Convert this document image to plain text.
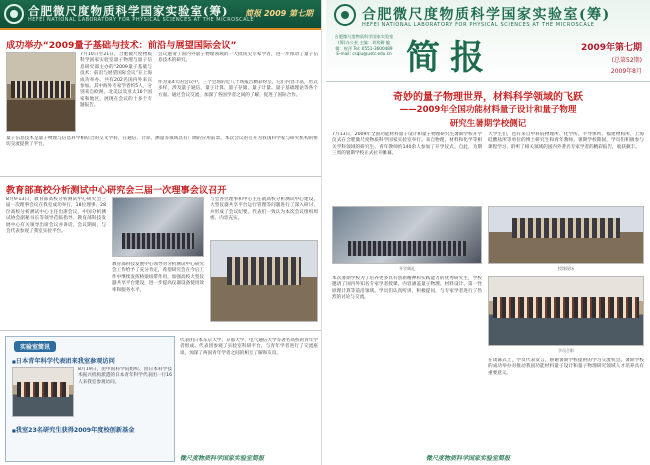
合肥微尺度物质科学国家实验室(筹)
HEFEI NATIONAL LABORATORY FOR PHYSICAL SCIENCES AT THE MICROSCALE
简报 2009 第七期
成功举办“2009量子基础与技术：前沿与展望国际会议”
7月10日至21日，合肥微尺度物质科学国家实验室量子物理与量子信息研究部主办的“2009量子基础与技术：前沿与展望国际会议”在上海成功举办。共有202名国内外来宾参加。其中海外专家学者约5人，分别来自欧洲、北美以及亚太16个国家和地区。展现在会议的十多个专题报告。
会议邀请了国内外量子物理领域的一大批顶尖专家学者，进一步推动了量子信息技术的研究。
作为第4天的会议中，三个会场的近八十场报告精彩纷呈，它们内容丰富，形式多样，涉及量子通信、量子计算、量子存储、量子计量、量子基础理论等各个方面。通过会议交流，加深了各国学者之间的了解，促进了国际合作。
量子信息技术是量子物理与信息科学相结合的交叉学科，在通信、计算、测量等领域具有广阔的应用前景。本次会议的召开为我国科学家与研究机构的密切交流提供了平台。
教育部高校分析测试中心研究会三届一次理事会议召开
8月9-13日，教育部高校分析测试中心研究会三届一次理事会议在我室成功举行，18位理事、28位高校分析测试中心主任出席会议，中国分析测试协会副秘书长等领导莅临指导。教育部科技发展中心有关领导出席会议并讲话。会议期间，与会代表参观了我室实验平台。
教育部科技发展中心领导对分析测试中心研究会工作给予了充分肯定，希望研究会在今后工作中继续发挥桥梁纽带作用，加强高校大型仪器共享平台建设，进一步提高仪器设备使用效率和服务水平。
与会各位理事和中心主任就高校分析测试中心建设、大型仪器共享平台运行管理等问题进行了深入研讨，并形成了会议纪要。代表们一致认为本次会议组织周密、内容充实。
实验室简讯
■ 日本青年科学代表团来我室参观访问
8月19日，由中国科学院组织、由日本科学技术振兴机构派遣的日本青年科学代表团一行16人来我室参观访问。
■ 我室23名研究生获得2009年度校创新基金
代表团日本东京大学、京都大学、电气通信大学等著名高校的青年学者组成。代表团参观了实验室科研平台，与青年学者进行了交流座谈，加深了两国青年学者之间的相互了解和友谊。
微尺度物质科学国家实验室简报
合肥微尺度物质科学国家实验室(筹)
HEFEI NATIONAL LABORATORY FOR PHYSICAL SCIENCES AT THE MICROSCALE
合肥微尺度物质科学国家实验室(筹)办公室 主编：刘兆卿 编辑：崔萍 Tel: 0551-3600489 E-mail: csqiu@ustc.edu.cn 简报	2009年第七期
(总第52期)
2009年8月
奇妙的量子物理世界，材料科学领域的飞跃
——2009年全国功能材料量子设计和量子物理
研究生暑期学校侧记
7月13日，2009年全国功能材料量子设计和量子物理研究生暑期学校开学仪式在合肥微尺度物质科学国家实验室举行。来自物理、材料和化学等相关学科领域的研究生、青年教师约140余人参加了开学仪式。自此，为期三周的暑期学校正式拉开帷幕。
大学生们，也有来自中科院物理所、化学所、半导体所、福建物构所、上海硅酸盐所等单位的博士研究生和青年教师。暑期学校期间，学员们积极参与课程学习，聆听了相关领域的国内外著名专家学者的精彩报告，收获颇丰。
开学典礼	授课现场
本次暑期学校为了培养更多具有创新精神和实践能力的优秀研究生，学校邀请了国内外知名专家学者授课，内容涵盖量子物理、材料设计、第一性原理计算等前沿领域。学员们认真听讲，积极提问，与专家学者进行了热烈的讨论与交流。
学员合影
在闭幕式上，学员代表发言，感谢暑期学校提供的学习交流机会。暑期学校的成功举办对推动我国功能材料量子设计和量子物理研究领域人才培养具有重要意义。
微尺度物质科学国家实验室简报
